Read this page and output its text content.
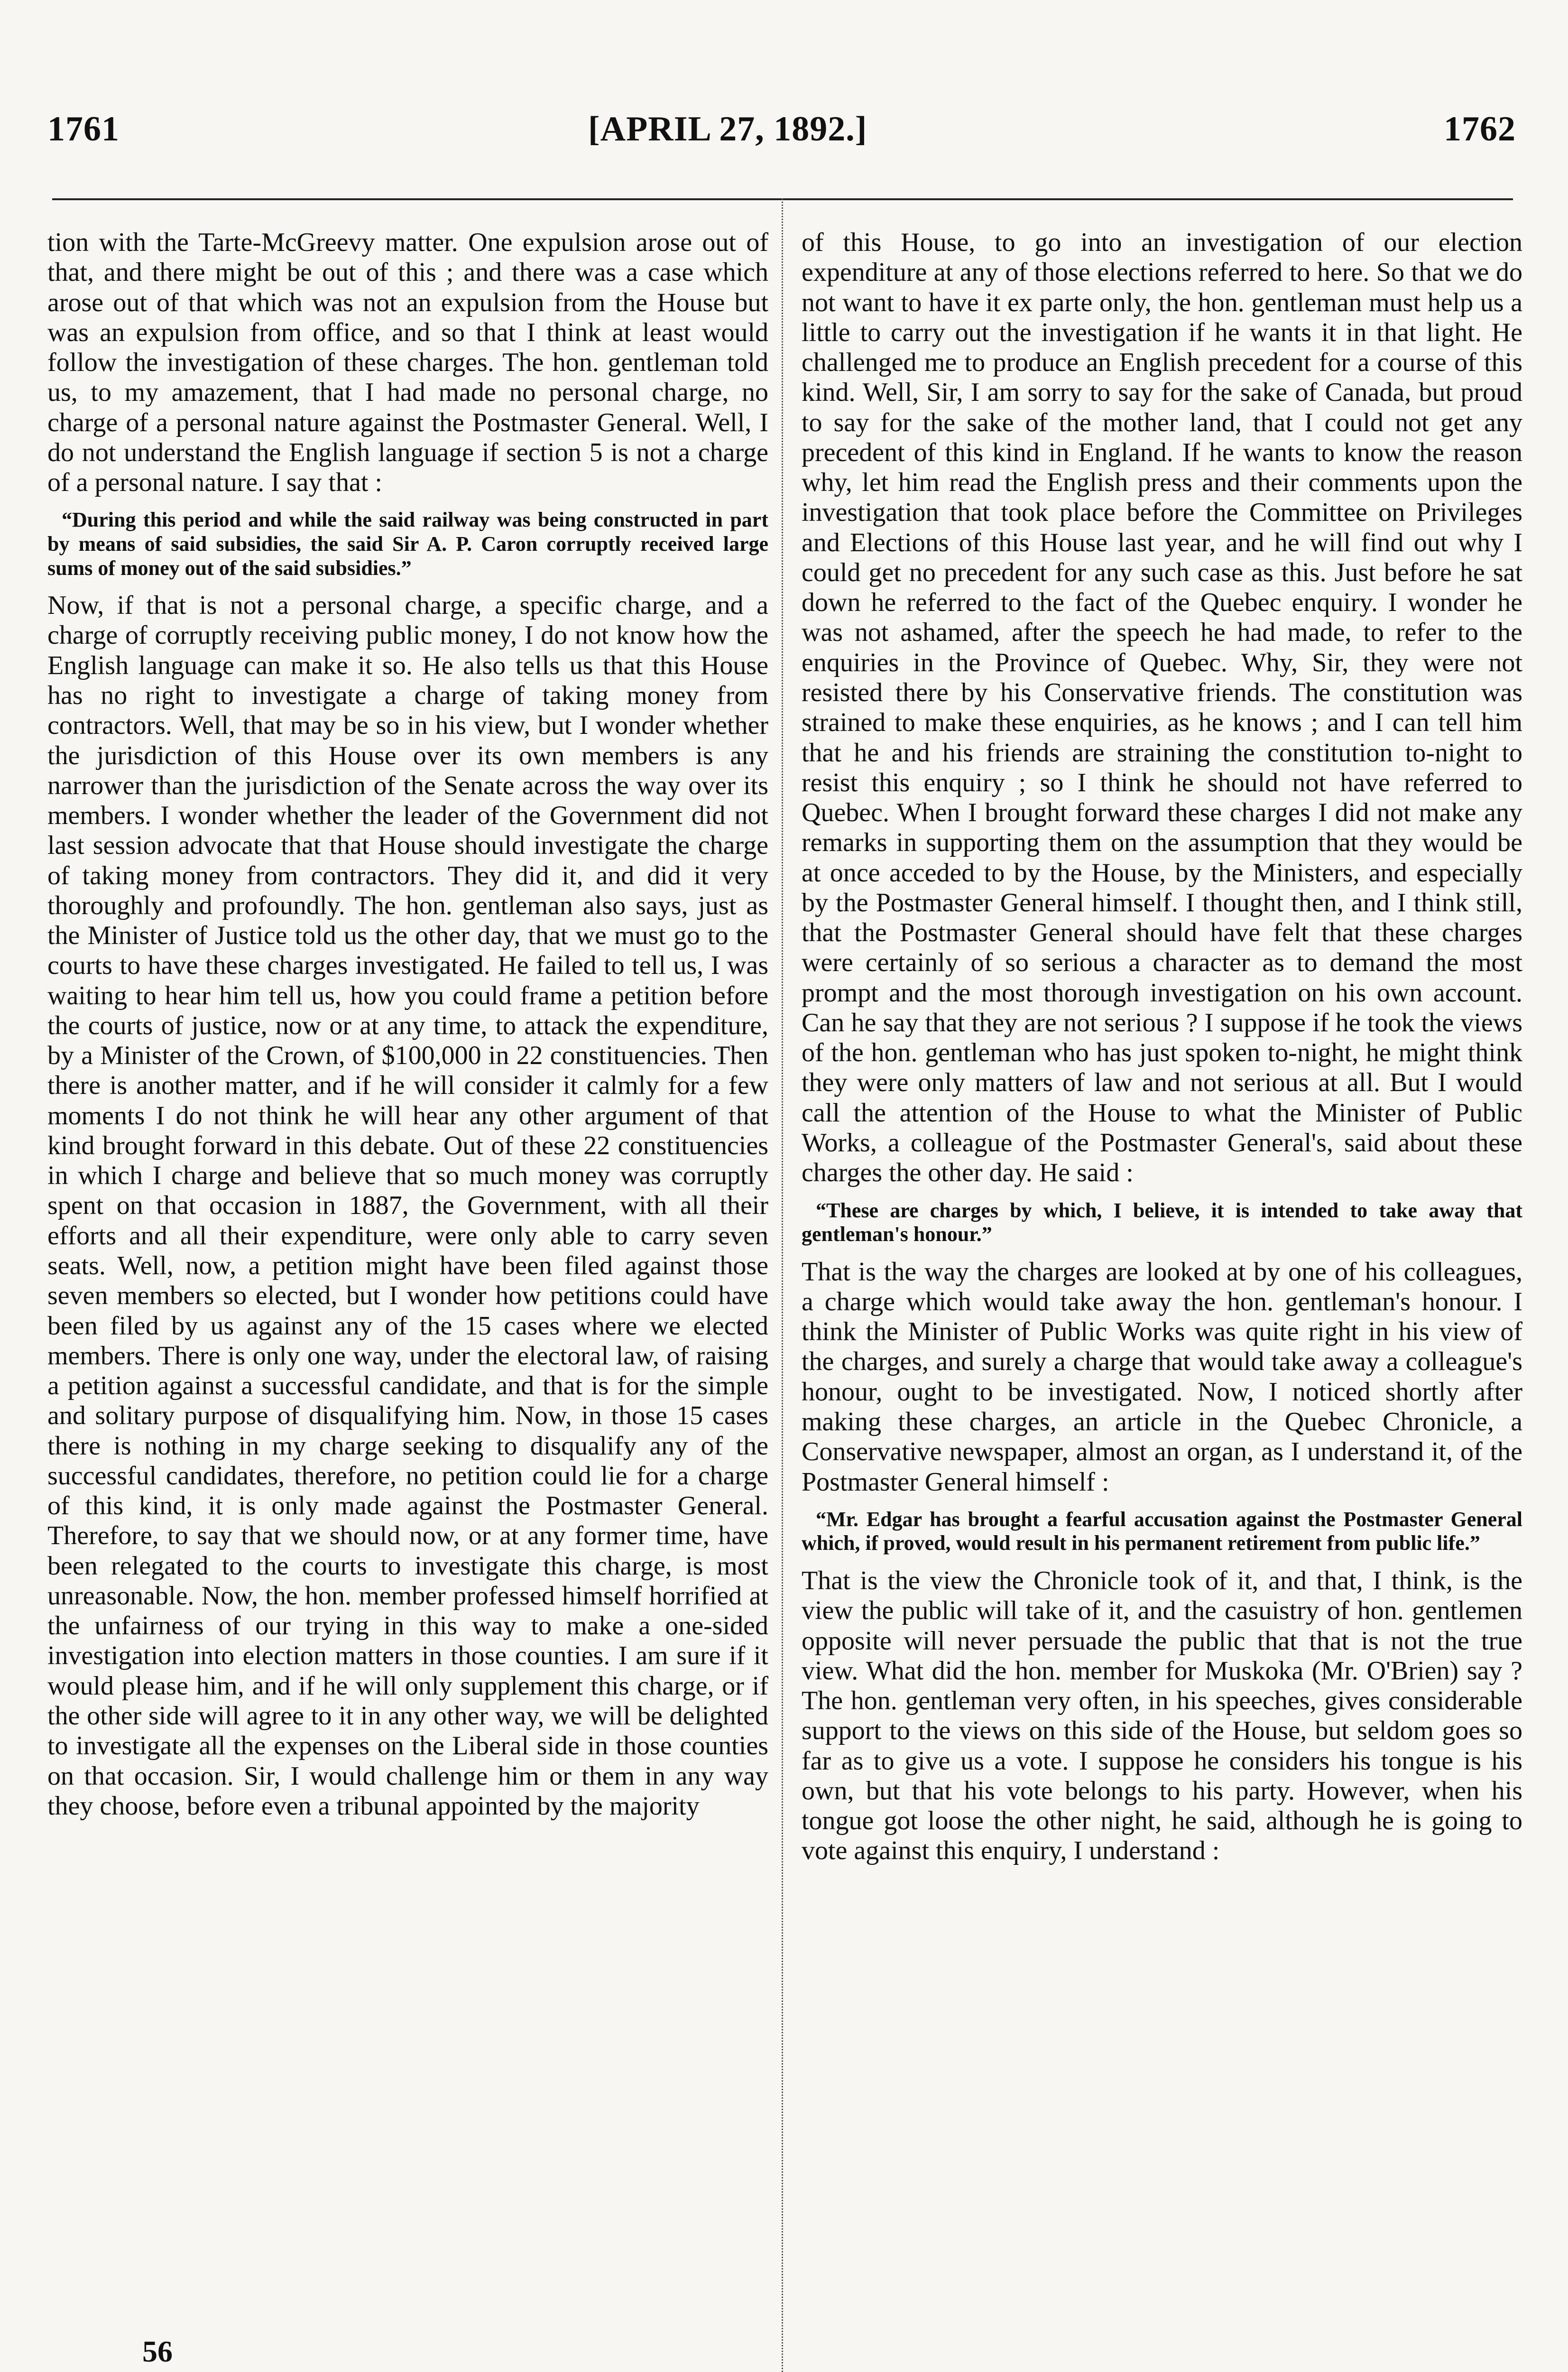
1761	[APRIL 27, 1892.]	1762

tion with the Tarte-McGreevy matter. One expulsion arose out of that, and there might be out of this ; and there was a case which arose out of that which was not an expulsion from the House but was an expulsion from office, and so that I think at least would follow the investigation of these charges. The hon. gentleman told us, to my amazement, that I had made no personal charge, no charge of a personal nature against the Postmaster General. Well, I do not understand the English language if section 5 is not a charge of a personal nature. I say that :

“During this period and while the said railway was being constructed in part by means of said subsidies, the said Sir A. P. Caron corruptly received large sums of money out of the said subsidies.”

Now, if that is not a personal charge, a specific charge, and a charge of corruptly receiving public money, I do not know how the English language can make it so. He also tells us that this House has no right to investigate a charge of taking money from contractors. Well, that may be so in his view, but I wonder whether the jurisdiction of this House over its own members is any narrower than the jurisdiction of the Senate across the way over its members. I wonder whether the leader of the Government did not last session advocate that that House should investigate the charge of taking money from contractors. They did it, and did it very thoroughly and profoundly. The hon. gentleman also says, just as the Minister of Justice told us the other day, that we must go to the courts to have these charges investigated. He failed to tell us, I was waiting to hear him tell us, how you could frame a petition before the courts of justice, now or at any time, to attack the expenditure, by a Minister of the Crown, of $100,000 in 22 constituencies. Then there is another matter, and if he will consider it calmly for a few moments I do not think he will hear any other argument of that kind brought forward in this debate. Out of these 22 constituencies in which I charge and believe that so much money was corruptly spent on that occasion in 1887, the Government, with all their efforts and all their expenditure, were only able to carry seven seats. Well, now, a petition might have been filed against those seven members so elected, but I wonder how petitions could have been filed by us against any of the 15 cases where we elected members. There is only one way, under the electoral law, of raising a petition against a successful candidate, and that is for the simple and solitary purpose of disqualifying him. Now, in those 15 cases there is nothing in my charge seeking to disqualify any of the successful candidates, therefore, no petition could lie for a charge of this kind, it is only made against the Postmaster General. Therefore, to say that we should now, or at any former time, have been relegated to the courts to investigate this charge, is most unreasonable. Now, the hon. member professed himself horrified at the unfairness of our trying in this way to make a one-sided investigation into election matters in those counties. I am sure if it would please him, and if he will only supplement this charge, or if the other side will agree to it in any other way, we will be delighted to investigate all the expenses on the Liberal side in those counties on that occasion. Sir, I would challenge him or them in any way they choose, before even a tribunal appointed by the majority

of this House, to go into an investigation of our election expenditure at any of those elections referred to here. So that we do not want to have it ex parte only, the hon. gentleman must help us a little to carry out the investigation if he wants it in that light. He challenged me to produce an English precedent for a course of this kind. Well, Sir, I am sorry to say for the sake of Canada, but proud to say for the sake of the mother land, that I could not get any precedent of this kind in England. If he wants to know the reason why, let him read the English press and their comments upon the investigation that took place before the Committee on Privileges and Elections of this House last year, and he will find out why I could get no precedent for any such case as this. Just before he sat down he referred to the fact of the Quebec enquiry. I wonder he was not ashamed, after the speech he had made, to refer to the enquiries in the Province of Quebec. Why, Sir, they were not resisted there by his Conservative friends. The constitution was strained to make these enquiries, as he knows ; and I can tell him that he and his friends are straining the constitution to-night to resist this enquiry ; so I think he should not have referred to Quebec. When I brought forward these charges I did not make any remarks in supporting them on the assumption that they would be at once acceded to by the House, by the Ministers, and especially by the Postmaster General himself. I thought then, and I think still, that the Postmaster General should have felt that these charges were certainly of so serious a character as to demand the most prompt and the most thorough investigation on his own account. Can he say that they are not serious ? I suppose if he took the views of the hon. gentleman who has just spoken to-night, he might think they were only matters of law and not serious at all. But I would call the attention of the House to what the Minister of Public Works, a colleague of the Postmaster General's, said about these charges the other day. He said :

“These are charges by which, I believe, it is intended to take away that gentleman's honour.”

That is the way the charges are looked at by one of his colleagues, a charge which would take away the hon. gentleman's honour. I think the Minister of Public Works was quite right in his view of the charges, and surely a charge that would take away a colleague's honour, ought to be investigated. Now, I noticed shortly after making these charges, an article in the Quebec Chronicle, a Conservative newspaper, almost an organ, as I understand it, of the Postmaster General himself :

“Mr. Edgar has brought a fearful accusation against the Postmaster General which, if proved, would result in his permanent retirement from public life.”

That is the view the Chronicle took of it, and that, I think, is the view the public will take of it, and the casuistry of hon. gentlemen opposite will never persuade the public that that is not the true view. What did the hon. member for Muskoka (Mr. O'Brien) say ? The hon. gentleman very often, in his speeches, gives considerable support to the views on this side of the House, but seldom goes so far as to give us a vote. I suppose he considers his tongue is his own, but that his vote belongs to his party. However, when his tongue got loose the other night, he said, although he is going to vote against this enquiry, I understand :

56
